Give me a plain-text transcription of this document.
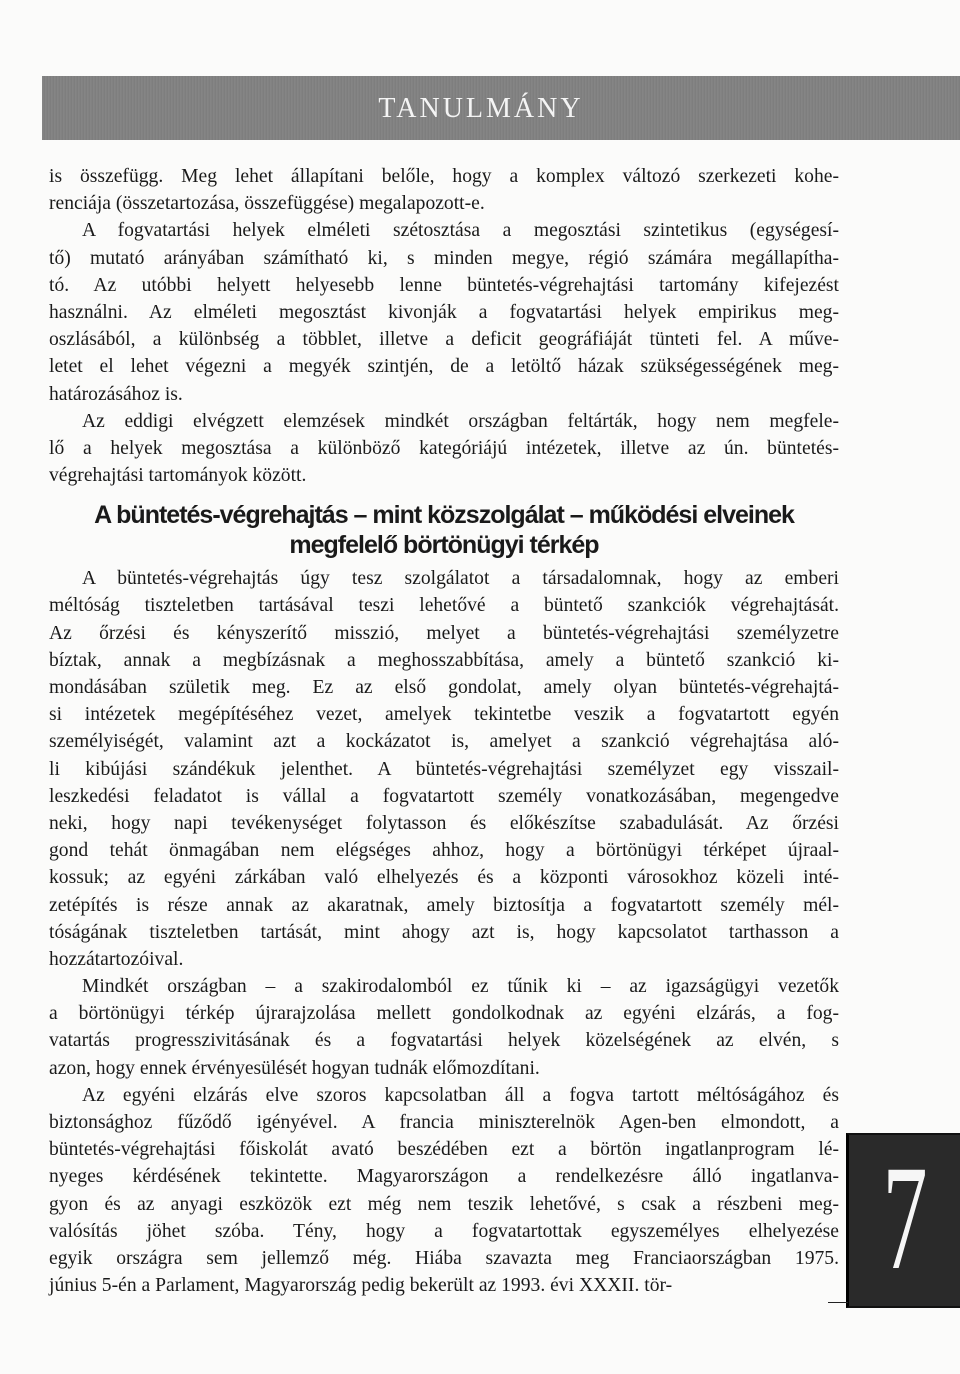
TANULMÁNY
is összefügg. Meg lehet állapítani belőle, hogy a komplex változó szerkezeti kohe-
renciája (összetartozása, összefüggése) megalapozott-e.
A fogvatartási helyek elméleti szétosztása a megosztási szintetikus (egységesí-
tő) mutató arányában számítható ki, s minden megye, régió számára megállapítha-
tó. Az utóbbi helyett helyesebb lenne büntetés-végrehajtási tartomány kifejezést
használni. Az elméleti megosztást kivonják a fogvatartási helyek empirikus meg-
oszlásából, a különbség a többlet, illetve a deficit geográfiáját tünteti fel. A műve-
letet el lehet végezni a megyék szintjén, de a letöltő házak szükségességének meg-
határozásához is.
Az eddigi elvégzett elemzések mindkét országban feltárták, hogy nem megfele-
lő a helyek megosztása a különböző kategóriájú intézetek, illetve az ún. büntetés-
végrehajtási tartományok között.
A büntetés-végrehajtás – mint közszolgálat – működési elveinek
megfelelő börtönügyi térkép
A büntetés-végrehajtás úgy tesz szolgálatot a társadalomnak, hogy az emberi
méltóság tiszteletben tartásával teszi lehetővé a büntető szankciók végrehajtását.
Az őrzési és kényszerítő misszió, melyet a büntetés-végrehajtási személyzetre
bíztak, annak a megbízásnak a meghosszabbítása, amely a büntető szankció ki-
mondásában születik meg. Ez az első gondolat, amely olyan büntetés-végrehajtá-
si intézetek megépítéséhez vezet, amelyek tekintetbe veszik a fogvatartott egyén
személyiségét, valamint azt a kockázatot is, amelyet a szankció végrehajtása aló-
li kibújási szándékuk jelenthet. A büntetés-végrehajtási személyzet egy visszail-
leszkedési feladatot is vállal a fogvatartott személy vonatkozásában, megengedve
neki, hogy napi tevékenységet folytasson és előkészítse szabadulását. Az őrzési
gond tehát önmagában nem elégséges ahhoz, hogy a börtönügyi térképet újraal-
kossuk; az egyéni zárkában való elhelyezés és a központi városokhoz közeli inté-
zetépítés is része annak az akaratnak, amely biztosítja a fogvatartott személy mél-
tóságának tiszteletben tartását, mint ahogy azt is, hogy kapcsolatot tarthasson a
hozzátartozóival.
Mindkét országban – a szakirodalomból ez tűnik ki – az igazságügyi vezetők
a börtönügyi térkép újrarajzolása mellett gondolkodnak az egyéni elzárás, a fog-
vatartás progresszivitásának és a fogvatartási helyek közelségének az elvén, s
azon, hogy ennek érvényesülését hogyan tudnák előmozdítani.
Az egyéni elzárás elve szoros kapcsolatban áll a fogva tartott méltóságához és
biztonsághoz fűződő igényével. A francia miniszterelnök Agen-ben elmondott, a
büntetés-végrehajtási főiskolát avató beszédében ezt a börtön ingatlanprogram lé-
nyeges kérdésének tekintette. Magyarországon a rendelkezésre álló ingatlanva-
gyon és az anyagi eszközök ezt még nem teszik lehetővé, s csak a részbeni meg-
valósítás jöhet szóba. Tény, hogy a fogvatartottak egyszemélyes elhelyezése
egyik országra sem jellemző még. Hiába szavazta meg Franciaországban 1975.
június 5-én a Parlament, Magyarország pedig bekerült az 1993. évi XXXII. tör-	7
